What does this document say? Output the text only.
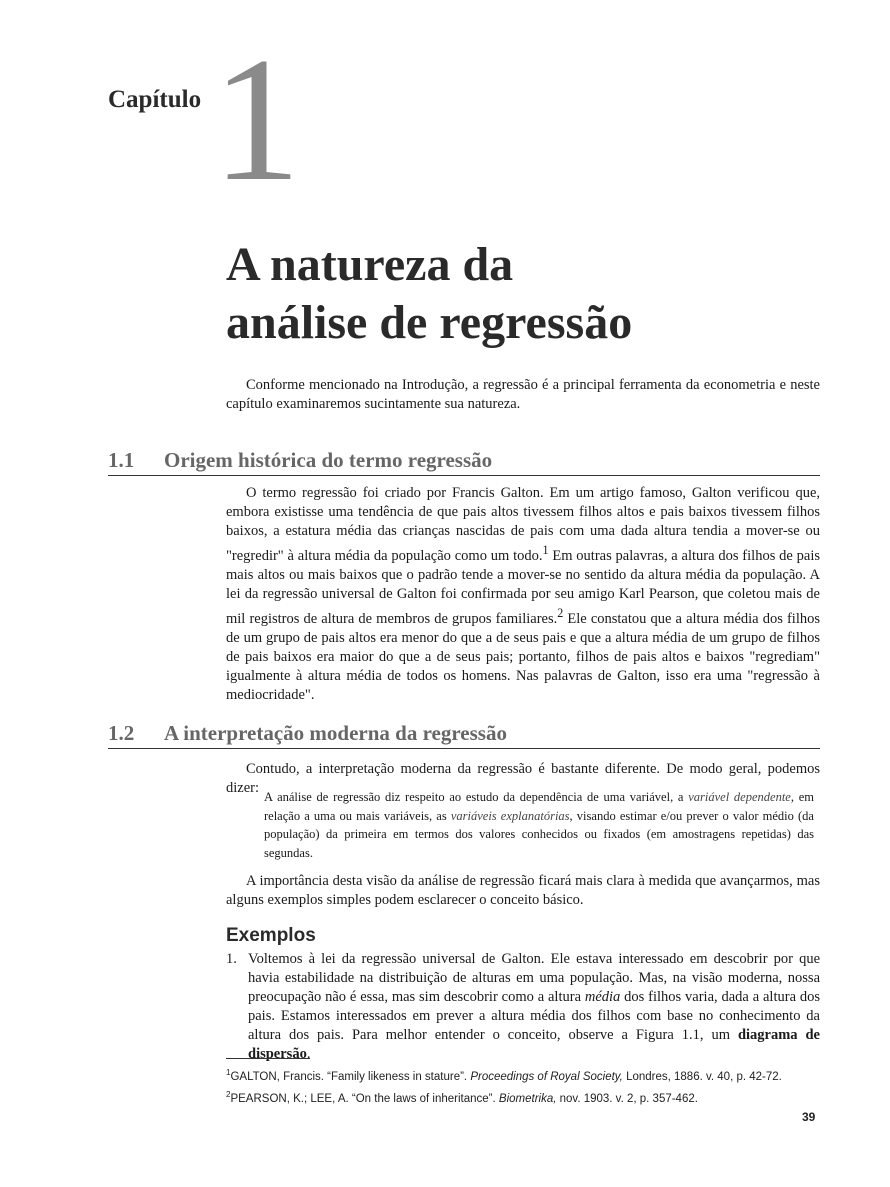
Capítulo 1
A natureza da
análise de regressão
Conforme mencionado na Introdução, a regressão é a principal ferramenta da econometria e neste capítulo examinaremos sucintamente sua natureza.
1.1 Origem histórica do termo regressão
O termo regressão foi criado por Francis Galton. Em um artigo famoso, Galton verificou que, embora existisse uma tendência de que pais altos tivessem filhos altos e pais baixos tivessem filhos baixos, a estatura média das crianças nascidas de pais com uma dada altura tendia a mover-se ou "regredir" à altura média da população como um todo.$^1$ Em outras palavras, a altura dos filhos de pais mais altos ou mais baixos que o padrão tende a mover-se no sentido da altura média da população. A lei da regressão universal de Galton foi confirmada por seu amigo Karl Pearson, que coletou mais de mil registros de altura de membros de grupos familiares.$^2$ Ele constatou que a altura média dos filhos de um grupo de pais altos era menor do que a de seus pais e que a altura média de um grupo de filhos de pais baixos era maior do que a de seus pais; portanto, filhos de pais altos e baixos "regrediam" igualmente à altura média de todos os homens. Nas palavras de Galton, isso era uma "regressão à mediocridade".
1.2 A interpretação moderna da regressão
Contudo, a interpretação moderna da regressão é bastante diferente. De modo geral, podemos dizer:
A análise de regressão diz respeito ao estudo da dependência de uma variável, a variável dependente, em relação a uma ou mais variáveis, as variáveis explanatórias, visando estimar e/ou prever o valor médio (da população) da primeira em termos dos valores conhecidos ou fixados (em amostragens repetidas) das segundas.
A importância desta visão da análise de regressão ficará mais clara à medida que avançarmos, mas alguns exemplos simples podem esclarecer o conceito básico.
Exemplos
1. Voltemos à lei da regressão universal de Galton. Ele estava interessado em descobrir por que havia estabilidade na distribuição de alturas em uma população. Mas, na visão moderna, nossa preocupação não é essa, mas sim descobrir como a altura média dos filhos varia, dada a altura dos pais. Estamos interessados em prever a altura média dos filhos com base no conhecimento da altura dos pais. Para melhor entender o conceito, observe a Figura 1.1, um diagrama de dispersão.
$^1$GALTON, Francis. “Family likeness in stature”. Proceedings of Royal Society, Londres, 1886. v. 40, p. 42-72.
$^2$PEARSON, K.; LEE, A. “On the laws of inheritance”. Biometrika, nov. 1903. v. 2, p. 357-462.
39
